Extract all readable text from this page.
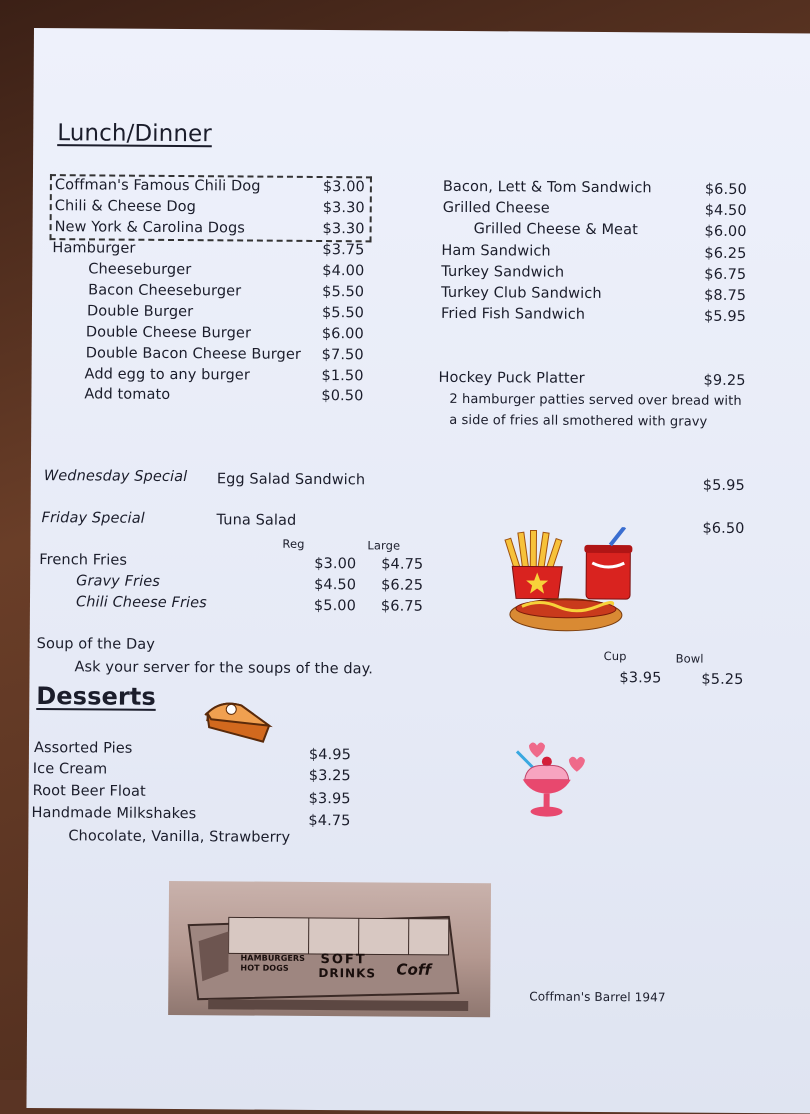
Lunch/Dinner
Coffman's Famous Chili Dog	$3.00
Chili & Cheese Dog	$3.30
New York & Carolina Dogs	$3.30
Hamburger	$3.75
Cheeseburger	$4.00
Bacon Cheeseburger	$5.50
Double Burger	$5.50
Double Cheese Burger	$6.00
Double Bacon Cheese Burger	$7.50
Add egg to any burger	$1.50
Add tomato	$0.50
Bacon, Lett & Tom Sandwich	$6.50
Grilled Cheese	$4.50
Grilled Cheese & Meat	$6.00
Ham Sandwich	$6.25
Turkey Sandwich	$6.75
Turkey Club Sandwich	$8.75
Fried Fish Sandwich	$5.95
Hockey Puck Platter	$9.25
2 hamburger patties served over bread with
a side of fries all smothered with gravy
Wednesday Special Egg Salad Sandwich	$5.95
Friday Special	Tuna Salad	$6.50
Reg	Large
French Fries	$3.00	$4.75
Gravy Fries	$4.50	$6.25
Chili Cheese Fries	$5.00	$6.75
Soup of the Day
Ask your server for the soups of the day.
Cup	Bowl
$3.95	$5.25
Desserts
Assorted Pies	$4.95
Ice Cream	$3.25
Root Beer Float	$3.95
Handmade Milkshakes	$4.75
Chocolate, Vanilla, Strawberry
HAMBURGERS
HOT DOGS
SOFT
DRINKS Coff
Coffman's Barrel 1947
